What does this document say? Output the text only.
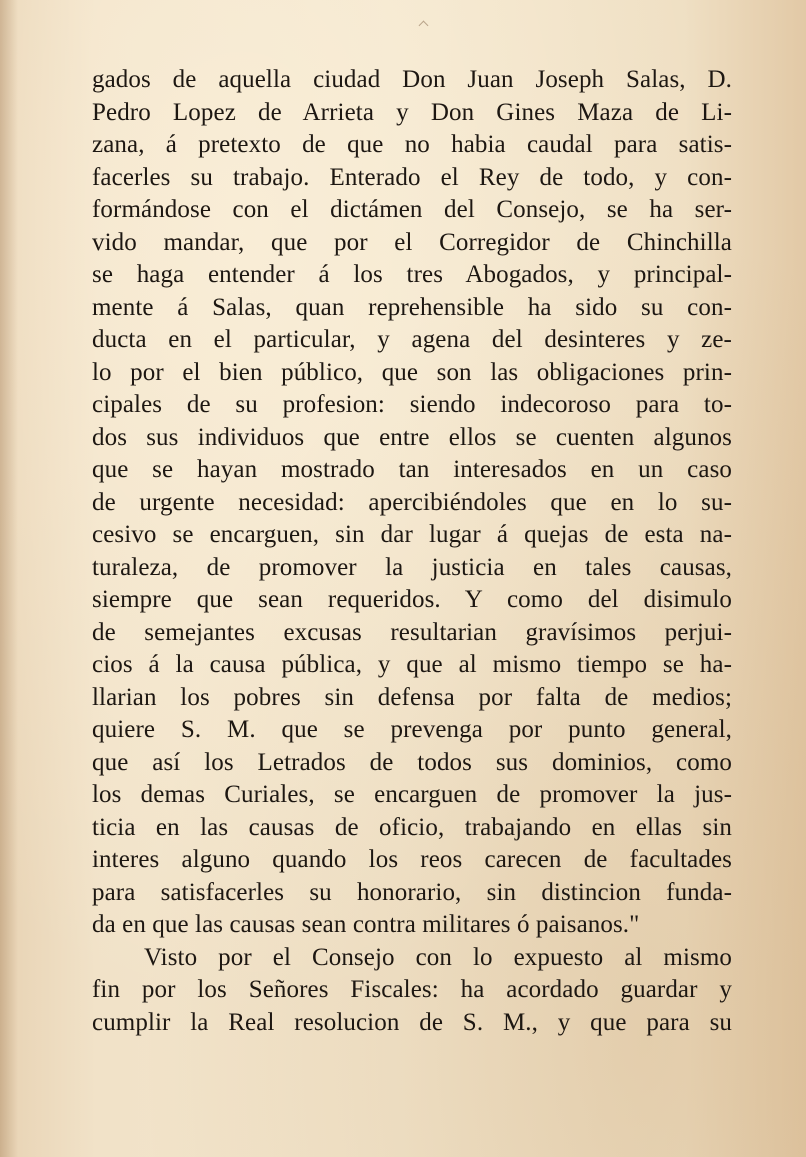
gados de aquella ciudad Don Juan Joseph Salas, D.
Pedro Lopez de Arrieta y Don Gines Maza de Li-
zana, á pretexto de que no habia caudal para satis-
facerles su trabajo. Enterado el Rey de todo, y con-
formándose con el dictámen del Consejo, se ha ser-
vido mandar, que por el Corregidor de Chinchilla
se haga entender á los tres Abogados, y principal-
mente á Salas, quan reprehensible ha sido su con-
ducta en el particular, y agena del desinteres y ze-
lo por el bien público, que son las obligaciones prin-
cipales de su profesion: siendo indecoroso para to-
dos sus individuos que entre ellos se cuenten algunos
que se hayan mostrado tan interesados en un caso
de urgente necesidad: apercibiéndoles que en lo su-
cesivo se encarguen, sin dar lugar á quejas de esta na-
turaleza, de promover la justicia en tales causas,
siempre que sean requeridos. Y como del disimulo
de semejantes excusas resultarian gravísimos perjui-
cios á la causa pública, y que al mismo tiempo se ha-
llarian los pobres sin defensa por falta de medios;
quiere S. M. que se prevenga por punto general,
que así los Letrados de todos sus dominios, como
los demas Curiales, se encarguen de promover la jus-
ticia en las causas de oficio, trabajando en ellas sin
interes alguno quando los reos carecen de facultades
para satisfacerles su honorario, sin distincion funda-
da en que las causas sean contra militares ó paisanos."
Visto por el Consejo con lo expuesto al mismo
fin por los Señores Fiscales: ha acordado guardar y
cumplir la Real resolucion de S. M., y que para su
